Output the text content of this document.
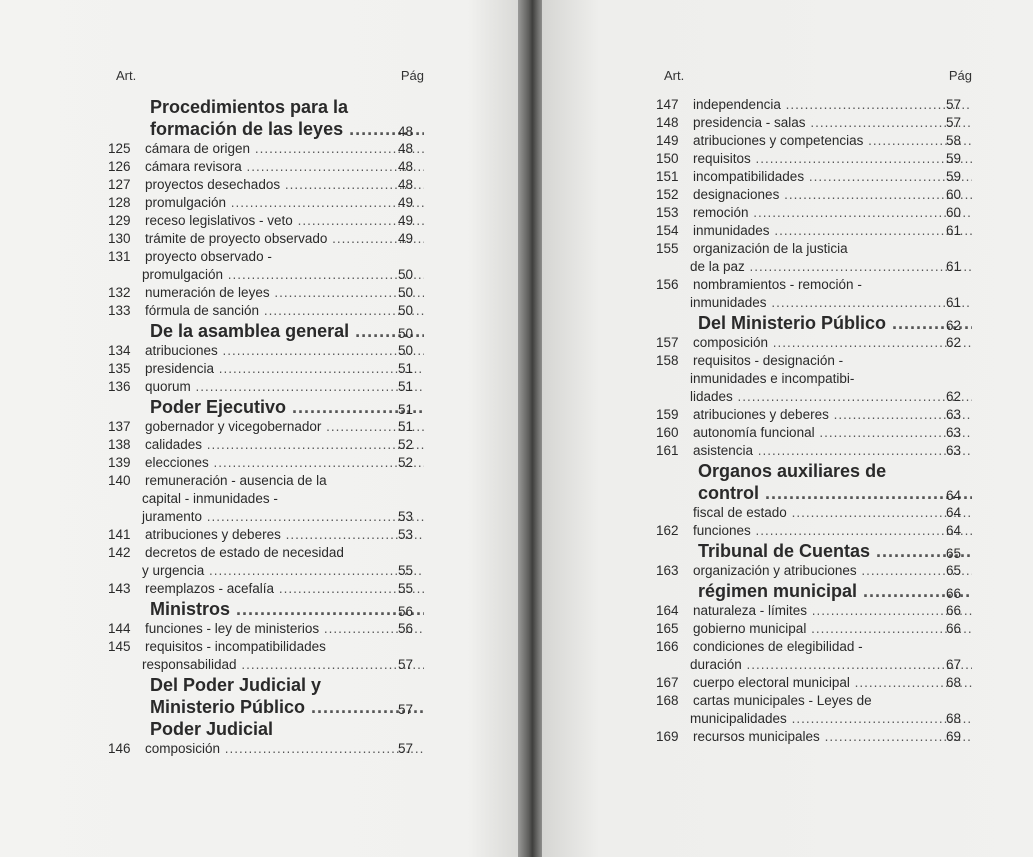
Art.	Pág
Procedimientos para la
formación de las leyes .....	48
125	cámara de origen .....	48
126	cámara revisora .....	48
127	proyectos desechados .....	48
128	promulgación .....	49
129	receso legislativos - veto .....	49
130	trámite de proyecto observado .....	49
131	proyecto observado -
promulgación .....	50
132	numeración de leyes .....	50
133	fórmula de sanción .....	50
De la asamblea general .....	50
134	atribuciones .....	50
135	presidencia .....	51
136	quorum .....	51
Poder Ejecutivo .....	51
137	gobernador y vicegobernador .....	51
138	calidades .....	52
139	elecciones .....	52
140	remuneración - ausencia de la
capital - inmunidades -
juramento .....	53
141	atribuciones y deberes .....	53
142	decretos de estado de necesidad
y urgencia .....	55
143	reemplazos - acefalía .....	55
Ministros .....	56
144	funciones - ley de ministerios .....	56
145	requisitos - incompatibilidades
responsabilidad .....	57
Del Poder Judicial y
Ministerio Público .....	57
Poder Judicial
146	composición .....	57
Art.	Pág
147	independencia .....	57
148	presidencia - salas .....	57
149	atribuciones y competencias .....	58
150	requisitos .....	59
151	incompatibilidades .....	59
152	designaciones .....	60
153	remoción .....	60
154	inmunidades .....	61
155	organización de la justicia
de la paz .....	61
156	nombramientos - remoción -
inmunidades .....	61
Del Ministerio Público .....	62
157	composición .....	62
158	requisitos - designación -
inmunidades e incompatibi-
lidades .....	62
159	atribuciones y deberes .....	63
160	autonomía funcional .....	63
161	asistencia .....	63
Organos auxiliares de
control .....	64
fiscal de estado .....	64
162	funciones .....	64
Tribunal de Cuentas .....	65
163	organización y atribuciones .....	65
régimen municipal .....	66
164	naturaleza - límites .....	66
165	gobierno municipal .....	66
166	condiciones de elegibilidad -
duración .....	67
167	cuerpo electoral municipal .....	68
168	cartas municipales - Leyes de
municipalidades .....	68
169	recursos municipales .....	69
